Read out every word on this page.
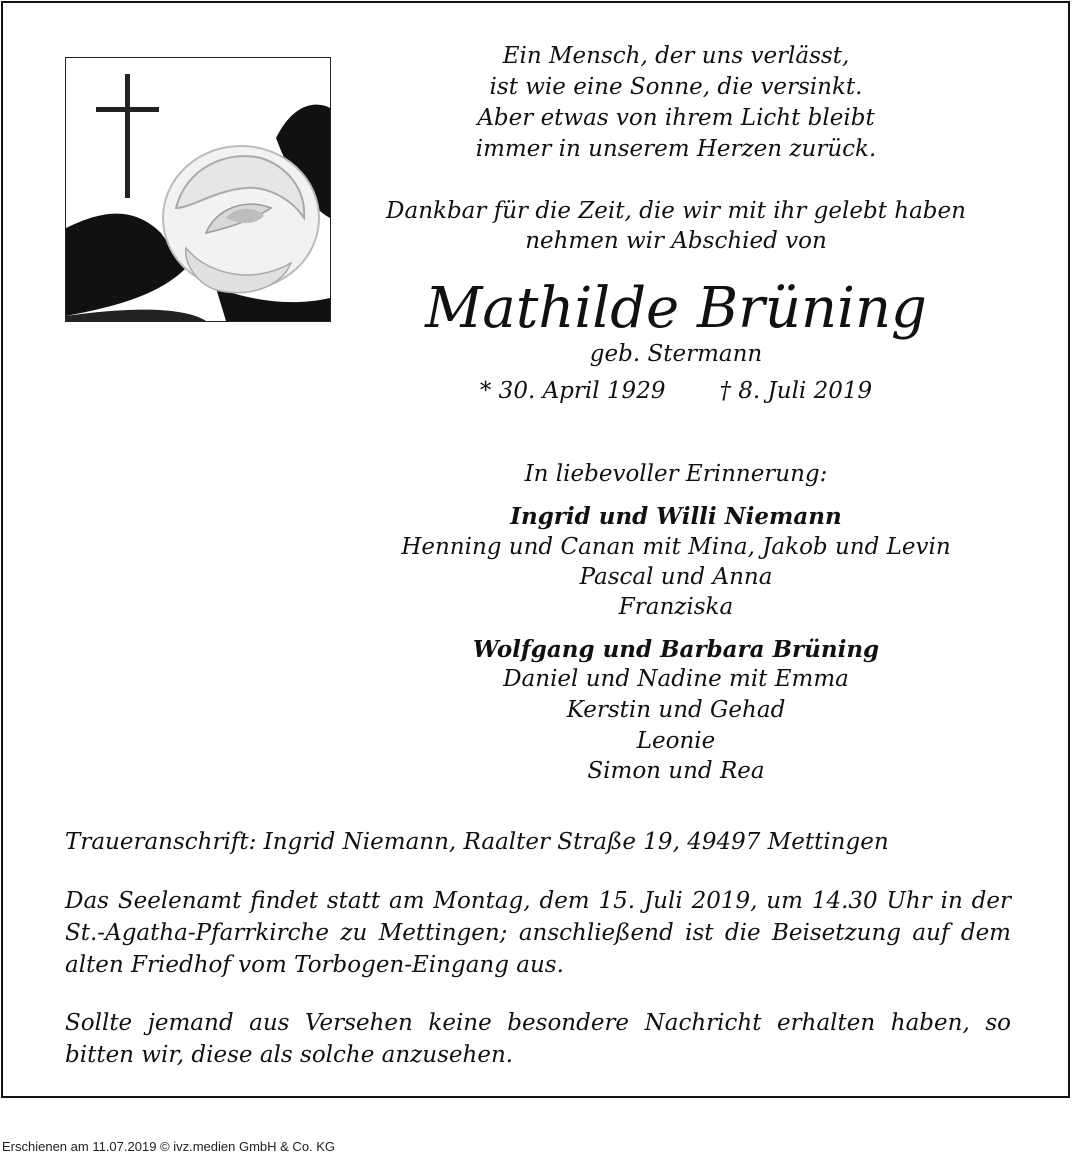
Ein Mensch, der uns verlässt,
ist wie eine Sonne, die versinkt.
Aber etwas von ihrem Licht bleibt
immer in unserem Herzen zurück.
Dankbar für die Zeit, die wir mit ihr gelebt haben
nehmen wir Abschied von
Mathilde Brüning
geb. Stermann
* 30. April 1929 † 8. Juli 2019
In liebevoller Erinnerung:
Ingrid und Willi Niemann
Henning und Canan mit Mina, Jakob und Levin
Pascal und Anna
Franziska
Wolfgang und Barbara Brüning
Daniel und Nadine mit Emma
Kerstin und Gehad
Leonie
Simon und Rea

Traueranschrift: Ingrid Niemann, Raalter Straße 19, 49497 Mettingen

Das Seelenamt findet statt am Montag, dem 15. Juli 2019, um 14.30 Uhr in der St.-Agatha-Pfarrkirche zu Mettingen; anschließend ist die Beisetzung auf dem alten Friedhof vom Torbogen-Eingang aus.

Sollte jemand aus Versehen keine besondere Nachricht erhalten haben, so bitten wir, diese als solche anzusehen.

Erschienen am 11.07.2019 © ivz.medien GmbH & Co. KG
